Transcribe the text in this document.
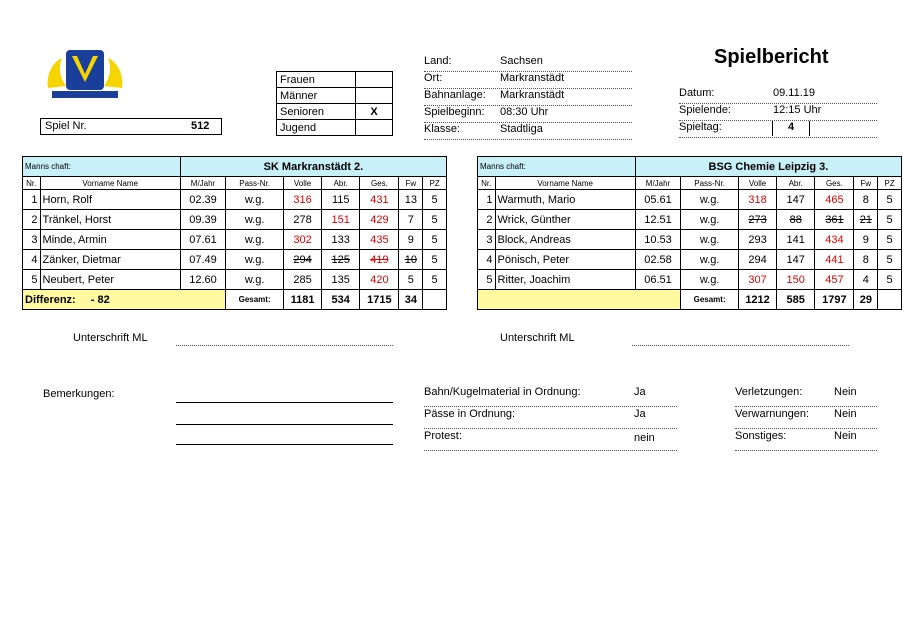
Spielbericht
Frauen	
Männer	
Senioren	X
Jugend	
Spiel Nr.	512
Land:	Sachsen
Ort:	Markranstädt
Bahnanlage: Markranstädt
Spielbeginn: 08:30 Uhr
Klasse:	Stadtliga
Datum:	09.11.19
Spielende:	12:15 Uhr
Spieltag:	4
Manns chaft:		SK Markranstädt 2.						
Nr.	Vorname Name	M/Jahr	Pass-Nr.	Volle	Abr.	Ges.	Fw	PZ
1	Horn, Rolf	02.39	w.g.	316	115	431	13	5
2	Tränkel, Horst	09.39	w.g.	278	151	429	7	5
3	Minde, Armin	07.61	w.g.	302	133	435	9	5
4	Zänker, Dietmar	07.49	w.g.	294	125	419	10	5
5	Neubert, Peter	12.60	w.g.	285	135	420	5	5
Differenz: - 82			Gesamt:	1181	534	1715	34	
Manns chaft:		BSG Chemie Leipzig 3.						
Nr.	Vorname Name	M/Jahr	Pass-Nr.	Volle	Abr.	Ges.	Fw	PZ
1	Warmuth, Mario	05.61	w.g.	318	147	465	8	5
2	Wrick, Günther	12.51	w.g.	273	88	361	21	5
3	Block, Andreas	10.53	w.g.	293	141	434	9	5
4	Pönisch, Peter	02.58	w.g.	294	147	441	8	5
5	Ritter, Joachim	06.51	w.g.	307	150	457	4	5
			Gesamt:	1212	585	1797	29	
Unterschrift ML	Unterschrift ML
Bemerkungen:	Bahn/Kugelmaterial in Ordnung:	Ja
Pässe in Ordnung:	Ja
Protest:	nein
Verletzungen:	Nein
Verwarnungen: Nein
Sonstiges:	Nein
